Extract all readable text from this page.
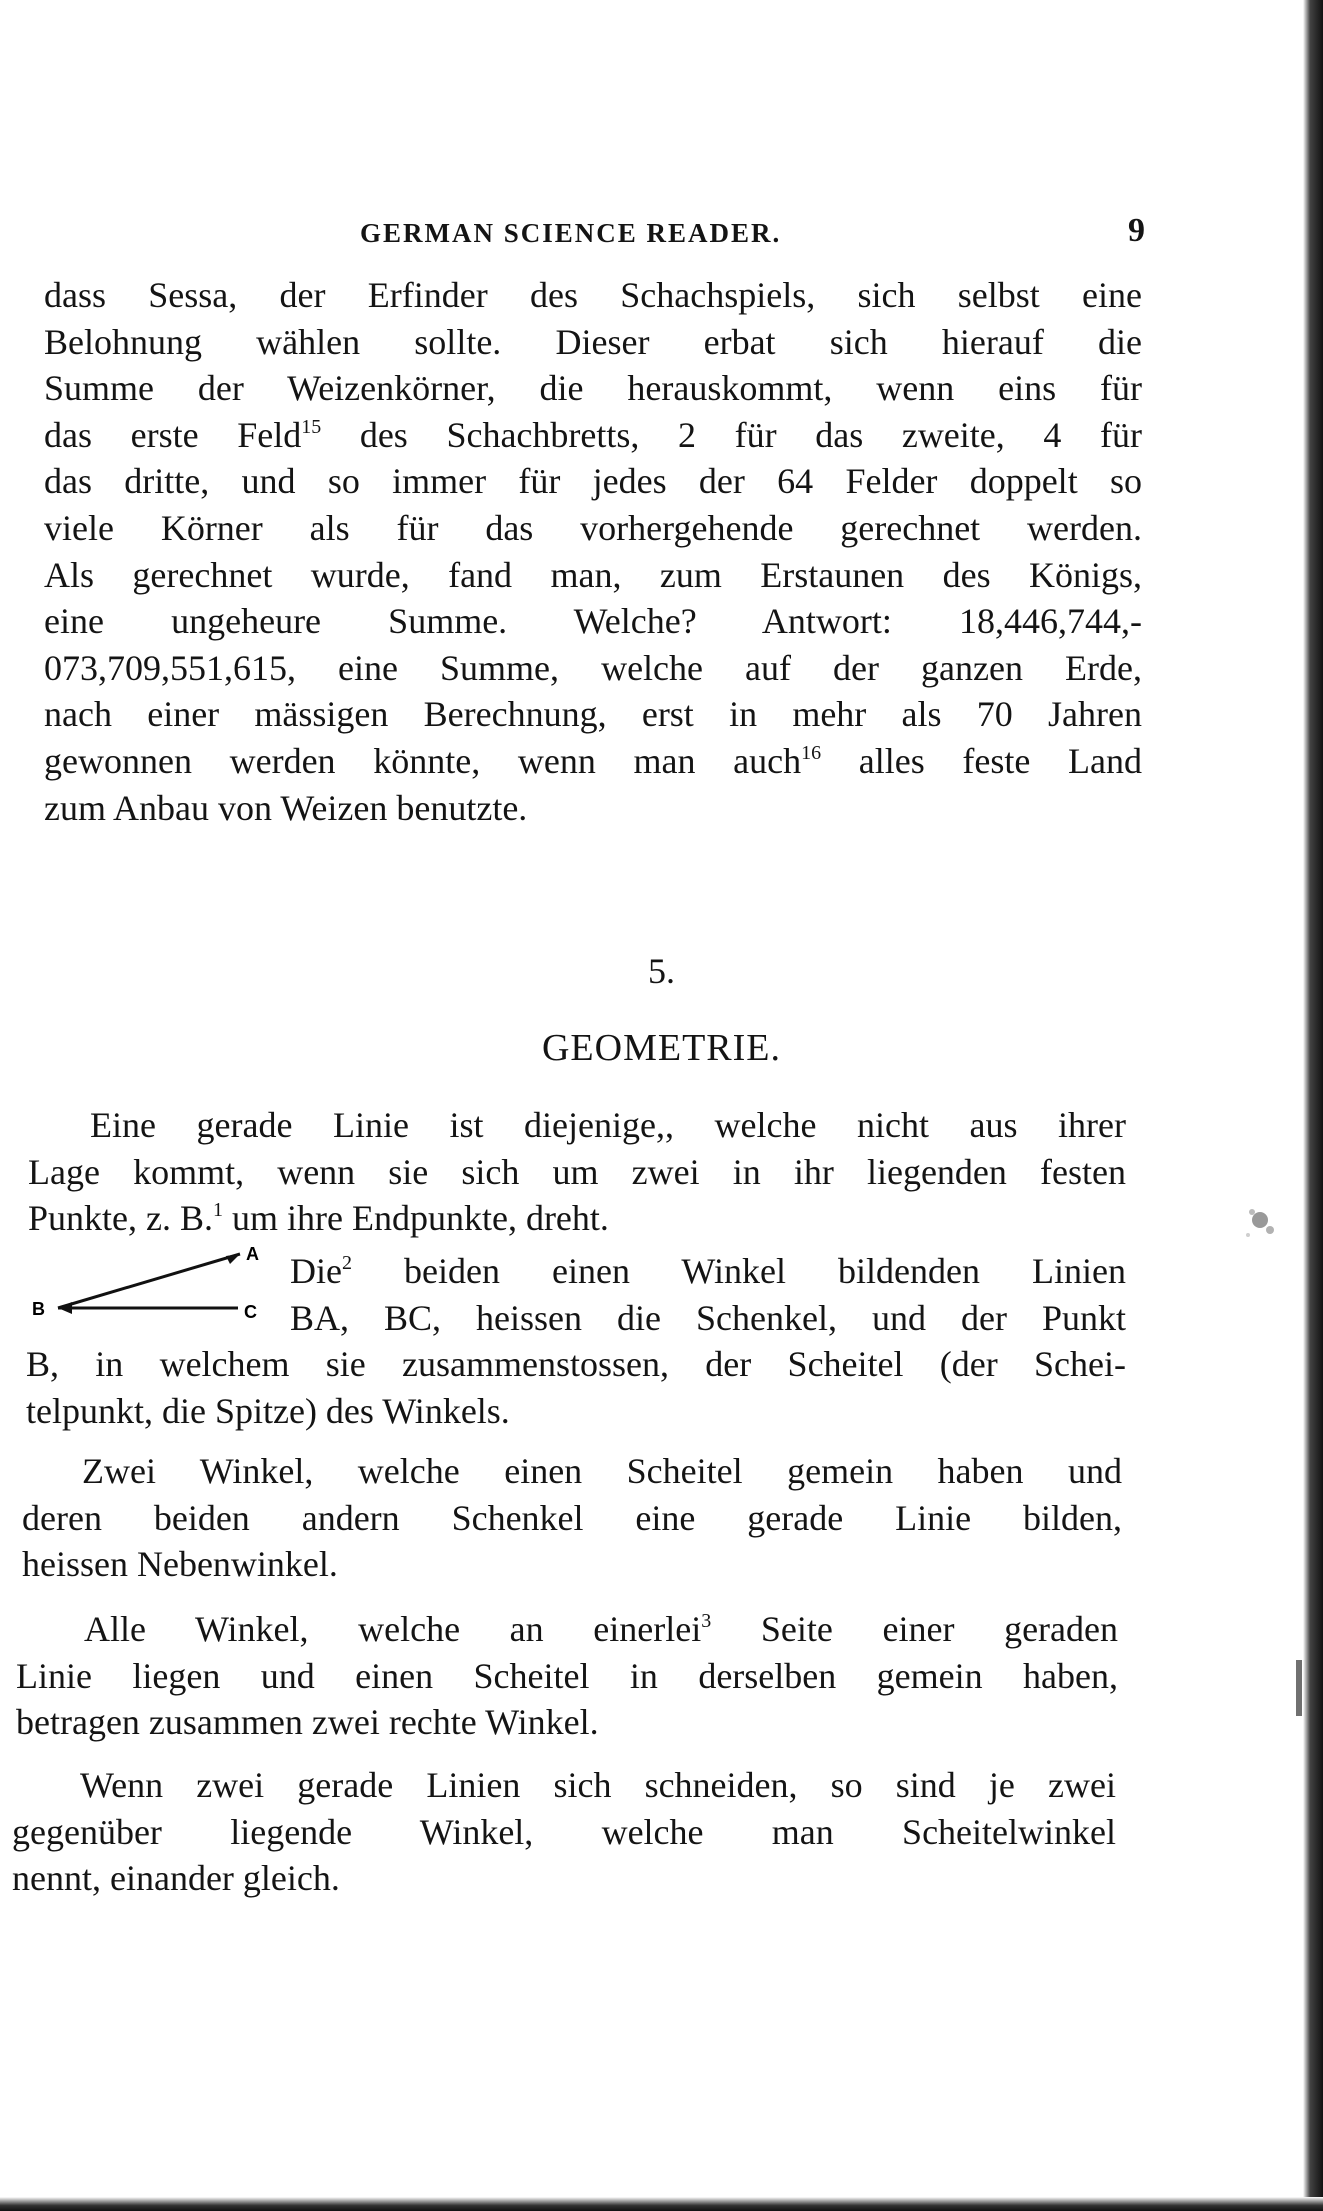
GERMAN SCIENCE READER.	9
dass Sessa, der Erfinder des Schachspiels, sich selbst eine
Belohnung wählen sollte. Dieser erbat sich hierauf die
Summe der Weizenkörner, die herauskommt, wenn eins für
das erste Feld$^{15}$ des Schachbretts, 2 für das zweite, 4 für
das dritte, und so immer für jedes der 64 Felder doppelt so
viele Körner als für das vorhergehende gerechnet werden.
Als gerechnet wurde, fand man, zum Erstaunen des Königs,
eine ungeheure Summe. Welche? Antwort: 18,446,744,-
073,709,551,615, eine Summe, welche auf der ganzen Erde,
nach einer mässigen Berechnung, erst in mehr als 70 Jahren
gewonnen werden könnte, wenn man auch$^{16}$ alles feste Land
zum Anbau von Weizen benutzte.
5.
GEOMETRIE.
Eine gerade Linie ist diejenige,, welche nicht aus ihrer
Lage kommt, wenn sie sich um zwei in ihr liegenden festen
Punkte, z. B.$^1$ um ihre Endpunkte, dreht.
A
B	C
Die$^2$ beiden einen Winkel bildenden Linien
BA, BC, heissen die Schenkel, und der Punkt
B, in welchem sie zusammenstossen, der Scheitel (der Schei-
telpunkt, die Spitze) des Winkels.
Zwei Winkel, welche einen Scheitel gemein haben und
deren beiden andern Schenkel eine gerade Linie bilden,
heissen Nebenwinkel.
Alle Winkel, welche an einerlei$^3$ Seite einer geraden
Linie liegen und einen Scheitel in derselben gemein haben,
betragen zusammen zwei rechte Winkel.
Wenn zwei gerade Linien sich schneiden, so sind je zwei
gegenüber liegende Winkel, welche man Scheitelwinkel
nennt, einander gleich.
